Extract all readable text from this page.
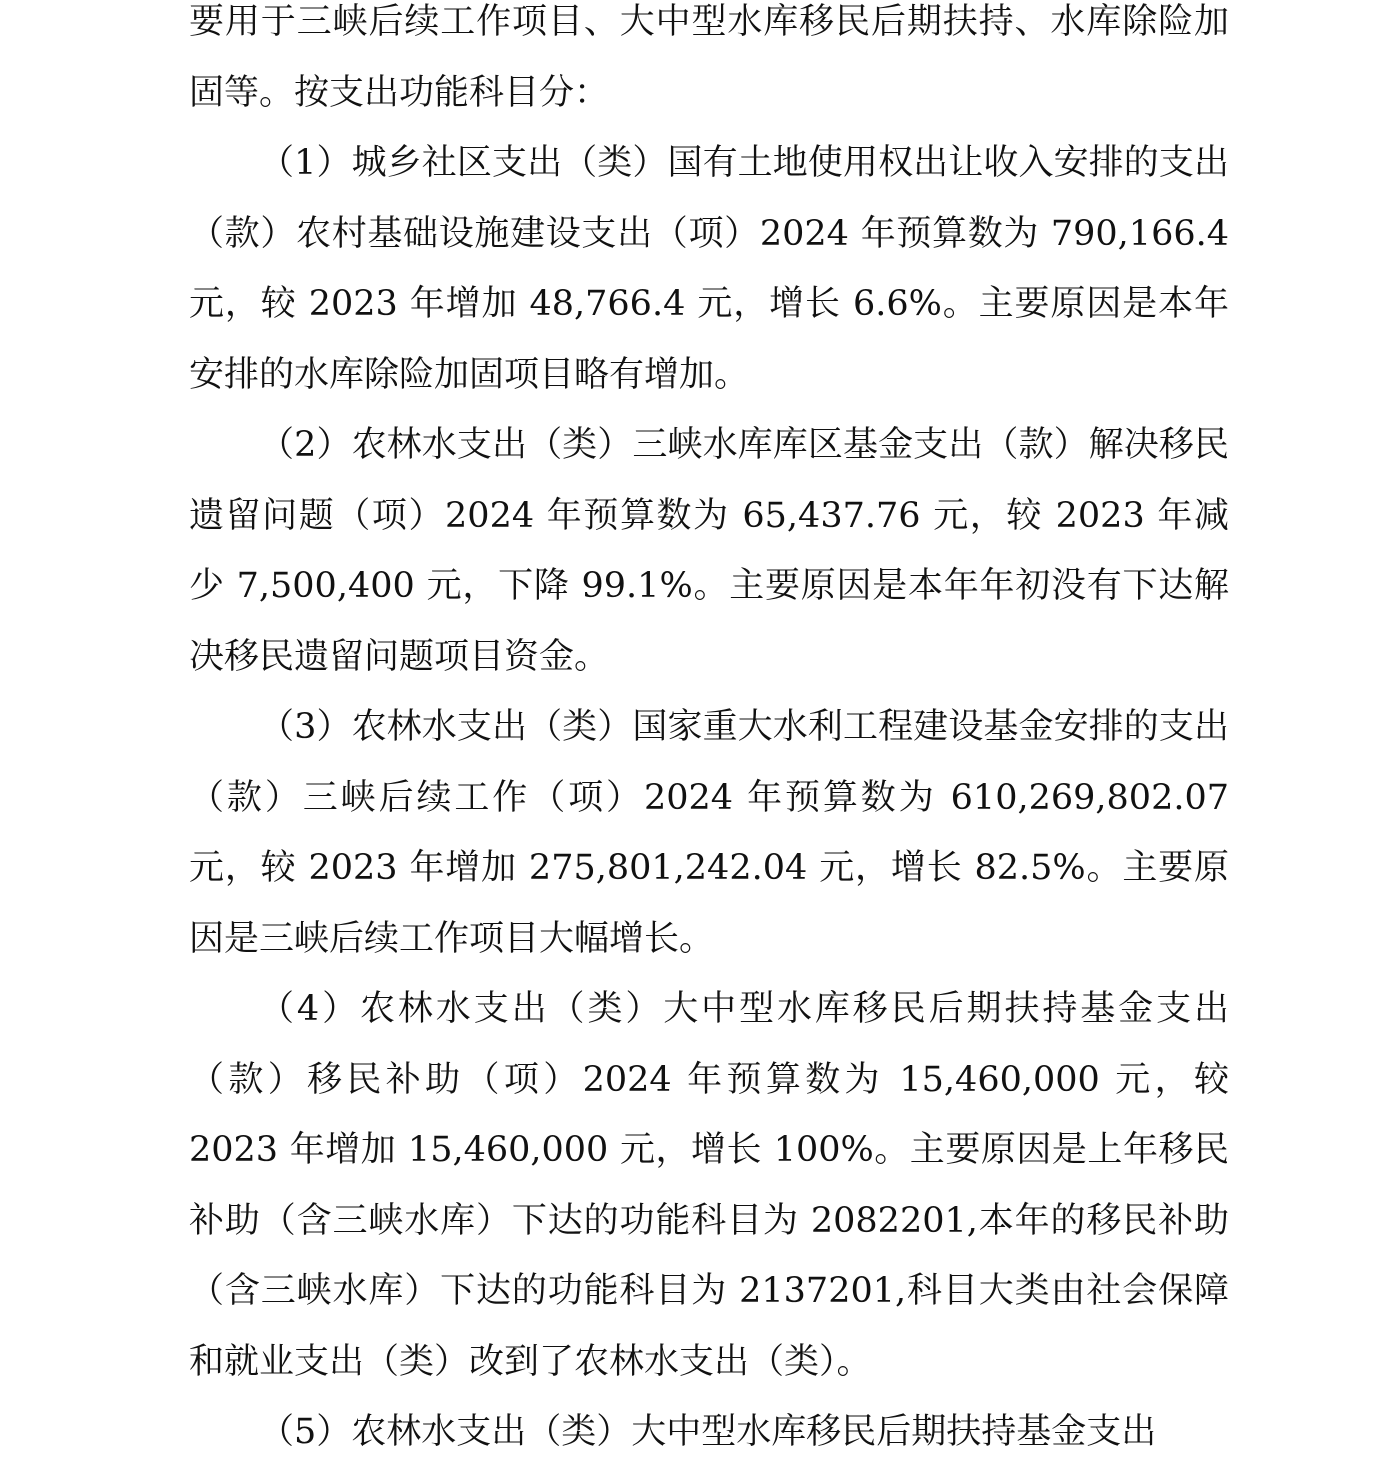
要用于三峡后续工作项目、大中型水库移民后期扶持、水库除险加固等。按支出功能科目分：

（1）城乡社区支出（类）国有土地使用权出让收入安排的支出（款）农村基础设施建设支出（项）2024 年预算数为 790,166.4 元，较 2023 年增加 48,766.4 元，增长 6.6%。主要原因是本年安排的水库除险加固项目略有增加。

（2）农林水支出（类）三峡水库库区基金支出（款）解决移民遗留问题（项）2024 年预算数为 65,437.76 元，较 2023 年减少 7,500,400 元，下降 99.1%。主要原因是本年年初没有下达解决移民遗留问题项目资金。

（3）农林水支出（类）国家重大水利工程建设基金安排的支出（款）三峡后续工作（项）2024 年预算数为 610,269,802.07 元，较 2023 年增加 275,801,242.04 元，增长 82.5%。主要原因是三峡后续工作项目大幅增长。

（4）农林水支出（类）大中型水库移民后期扶持基金支出（款）移民补助（项）2024 年预算数为 15,460,000 元，较 2023 年增加 15,460,000 元，增长 100%。主要原因是上年移民补助（含三峡水库）下达的功能科目为 2082201,本年的移民补助（含三峡水库）下达的功能科目为 2137201,科目大类由社会保障和就业支出（类）改到了农林水支出（类）。

（5）农林水支出（类）大中型水库移民后期扶持基金支出
